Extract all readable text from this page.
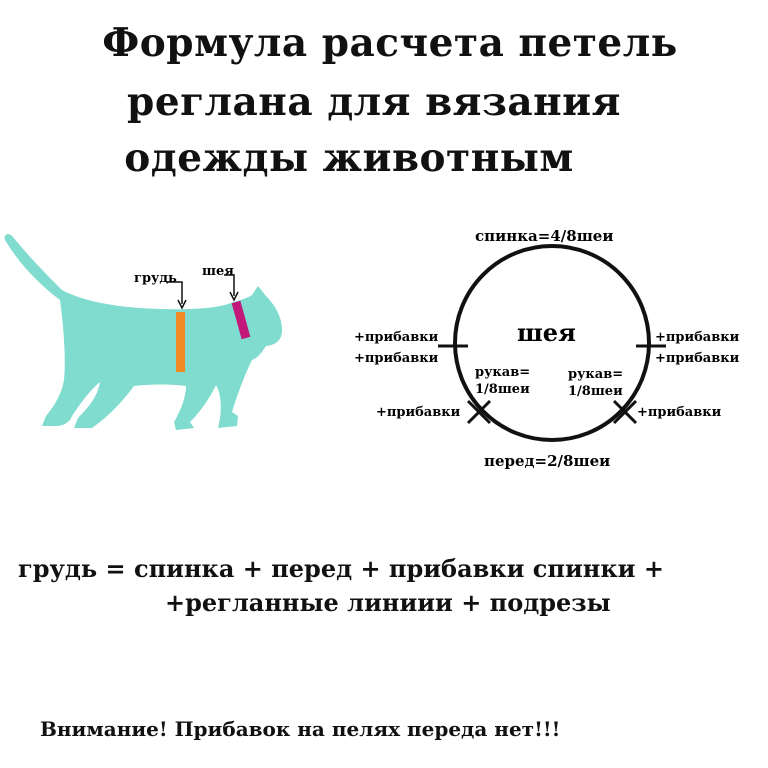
Формула расчета петель
реглана для вязания
одежды животным
грудь шея
спинка=4/8шеи
шея
перед=2/8шеи
рукав=
1/8шеи
рукав=
1/8шеи
+прибавки
+прибавки
+прибавки
+прибавки
+прибавки
+прибавки
грудь = спинка + перед + прибавки спинки +
+регланные линиии + подрезы
Внимание! Прибавок на пелях переда нет!!!
